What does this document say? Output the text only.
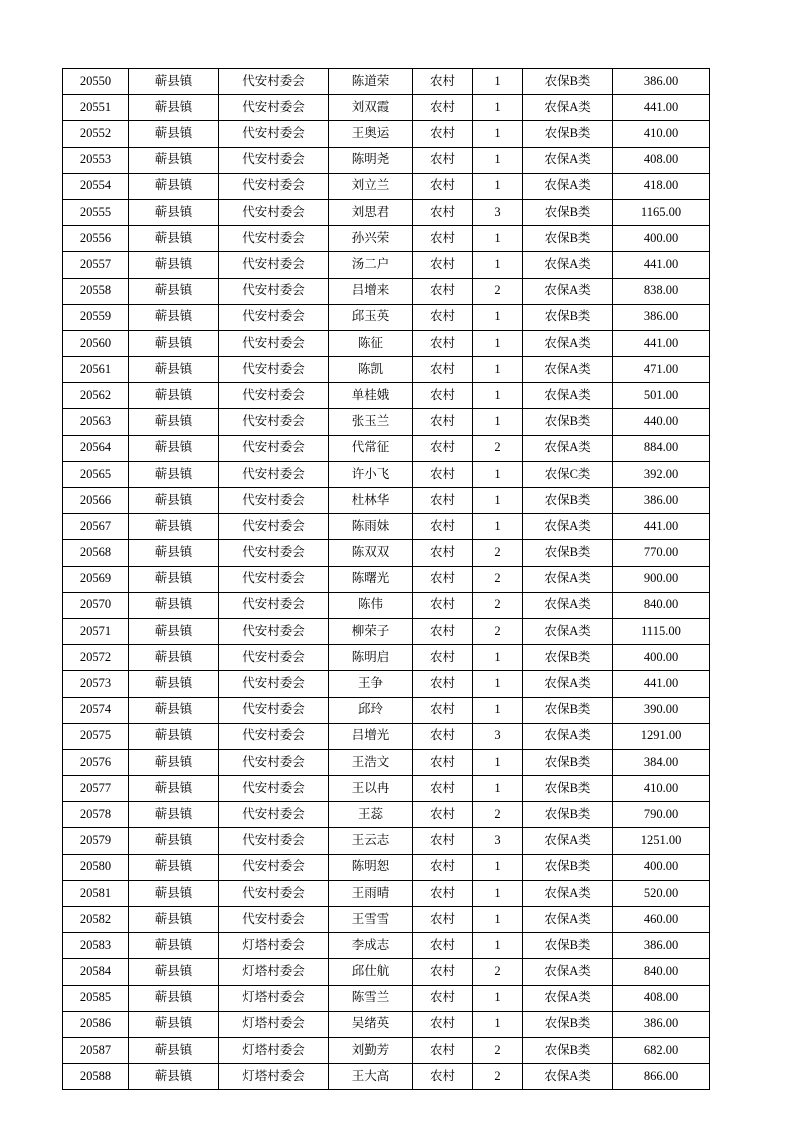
20550	蕲县镇	代安村委会	陈道荣	农村	1	农保B类	386.00
20551	蕲县镇	代安村委会	刘双霞	农村	1	农保A类	441.00
20552	蕲县镇	代安村委会	王奥运	农村	1	农保B类	410.00
20553	蕲县镇	代安村委会	陈明尧	农村	1	农保A类	408.00
20554	蕲县镇	代安村委会	刘立兰	农村	1	农保A类	418.00
20555	蕲县镇	代安村委会	刘思君	农村	3	农保B类	1165.00
20556	蕲县镇	代安村委会	孙兴荣	农村	1	农保B类	400.00
20557	蕲县镇	代安村委会	汤二户	农村	1	农保A类	441.00
20558	蕲县镇	代安村委会	吕增来	农村	2	农保A类	838.00
20559	蕲县镇	代安村委会	邱玉英	农村	1	农保B类	386.00
20560	蕲县镇	代安村委会	陈征	农村	1	农保A类	441.00
20561	蕲县镇	代安村委会	陈凯	农村	1	农保A类	471.00
20562	蕲县镇	代安村委会	单桂娥	农村	1	农保A类	501.00
20563	蕲县镇	代安村委会	张玉兰	农村	1	农保B类	440.00
20564	蕲县镇	代安村委会	代常征	农村	2	农保A类	884.00
20565	蕲县镇	代安村委会	许小飞	农村	1	农保C类	392.00
20566	蕲县镇	代安村委会	杜林华	农村	1	农保B类	386.00
20567	蕲县镇	代安村委会	陈雨妹	农村	1	农保A类	441.00
20568	蕲县镇	代安村委会	陈双双	农村	2	农保B类	770.00
20569	蕲县镇	代安村委会	陈曙光	农村	2	农保A类	900.00
20570	蕲县镇	代安村委会	陈伟	农村	2	农保A类	840.00
20571	蕲县镇	代安村委会	柳荣子	农村	2	农保A类	1115.00
20572	蕲县镇	代安村委会	陈明启	农村	1	农保B类	400.00
20573	蕲县镇	代安村委会	王争	农村	1	农保A类	441.00
20574	蕲县镇	代安村委会	邱玲	农村	1	农保B类	390.00
20575	蕲县镇	代安村委会	吕增光	农村	3	农保A类	1291.00
20576	蕲县镇	代安村委会	王浩文	农村	1	农保B类	384.00
20577	蕲县镇	代安村委会	王以冉	农村	1	农保B类	410.00
20578	蕲县镇	代安村委会	王蕊	农村	2	农保B类	790.00
20579	蕲县镇	代安村委会	王云志	农村	3	农保A类	1251.00
20580	蕲县镇	代安村委会	陈明恕	农村	1	农保B类	400.00
20581	蕲县镇	代安村委会	王雨晴	农村	1	农保A类	520.00
20582	蕲县镇	代安村委会	王雪雪	农村	1	农保A类	460.00
20583	蕲县镇	灯塔村委会	李成志	农村	1	农保B类	386.00
20584	蕲县镇	灯塔村委会	邱仕航	农村	2	农保A类	840.00
20585	蕲县镇	灯塔村委会	陈雪兰	农村	1	农保A类	408.00
20586	蕲县镇	灯塔村委会	吴绪英	农村	1	农保B类	386.00
20587	蕲县镇	灯塔村委会	刘勤芳	农村	2	农保B类	682.00
20588	蕲县镇	灯塔村委会	王大高	农村	2	农保A类	866.00
